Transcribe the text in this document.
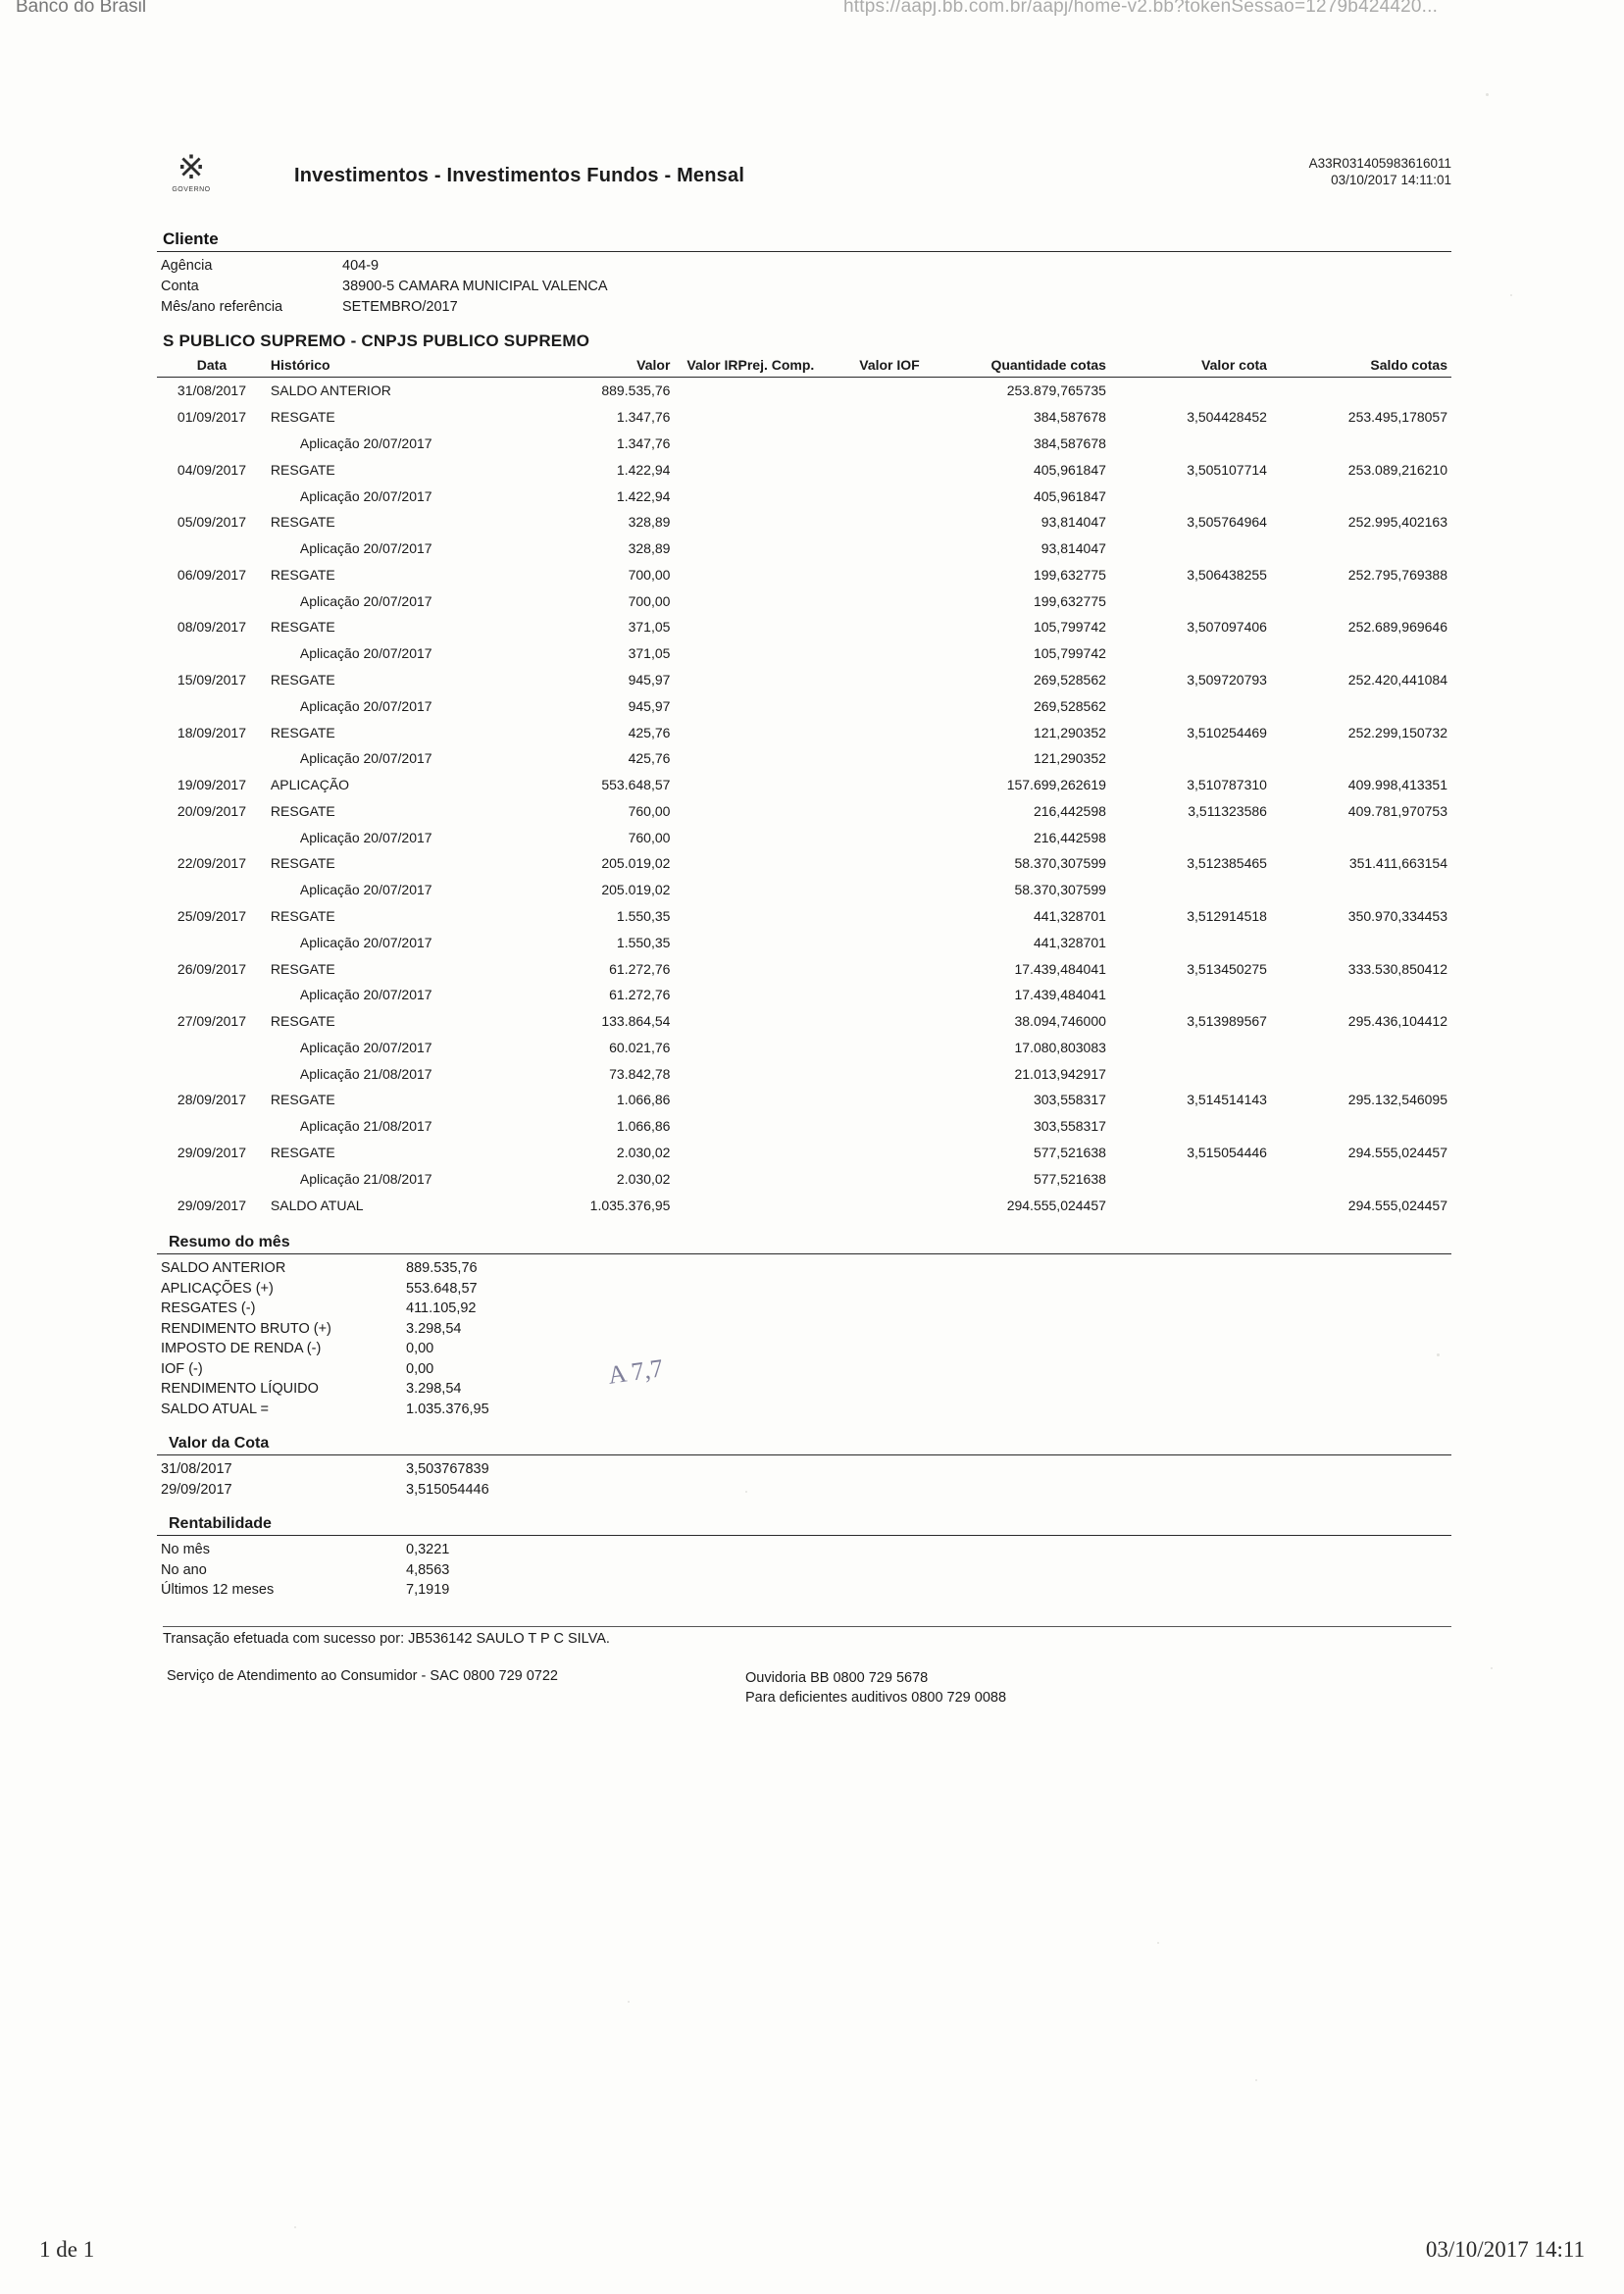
Banco do Brasil	https://aapj.bb.com.br/aapj/home-v2.bb?tokenSessao=1279b424420...
※
GOVERNO
Investimentos - Investimentos Fundos - Mensal
A33R031405983616011
03/10/2017 14:11:01
Cliente
Agência	404-9
Conta	38900-5 CAMARA MUNICIPAL VALENCA
Mês/ano referência	SETEMBRO/2017
S PUBLICO SUPREMO - CNPJS PUBLICO SUPREMO
Data	Histórico	Valor	Valor IRPrej. Comp.	Valor IOF	Quantidade cotas	Valor cota	Saldo cotas
31/08/2017	SALDO ANTERIOR	889.535,76			253.879,765735		
01/09/2017	RESGATE	1.347,76			384,587678	3,504428452	253.495,178057
	Aplicação 20/07/2017	1.347,76			384,587678		
04/09/2017	RESGATE	1.422,94			405,961847	3,505107714	253.089,216210
	Aplicação 20/07/2017	1.422,94			405,961847		
05/09/2017	RESGATE	328,89			93,814047	3,505764964	252.995,402163
	Aplicação 20/07/2017	328,89			93,814047		
06/09/2017	RESGATE	700,00			199,632775	3,506438255	252.795,769388
	Aplicação 20/07/2017	700,00			199,632775		
08/09/2017	RESGATE	371,05			105,799742	3,507097406	252.689,969646
	Aplicação 20/07/2017	371,05			105,799742		
15/09/2017	RESGATE	945,97			269,528562	3,509720793	252.420,441084
	Aplicação 20/07/2017	945,97			269,528562		
18/09/2017	RESGATE	425,76			121,290352	3,510254469	252.299,150732
	Aplicação 20/07/2017	425,76			121,290352		
19/09/2017	APLICAÇÃO	553.648,57			157.699,262619	3,510787310	409.998,413351
20/09/2017	RESGATE	760,00			216,442598	3,511323586	409.781,970753
	Aplicação 20/07/2017	760,00			216,442598		
22/09/2017	RESGATE	205.019,02			58.370,307599	3,512385465	351.411,663154
	Aplicação 20/07/2017	205.019,02			58.370,307599		
25/09/2017	RESGATE	1.550,35			441,328701	3,512914518	350.970,334453
	Aplicação 20/07/2017	1.550,35			441,328701		
26/09/2017	RESGATE	61.272,76			17.439,484041	3,513450275	333.530,850412
	Aplicação 20/07/2017	61.272,76			17.439,484041		
27/09/2017	RESGATE	133.864,54			38.094,746000	3,513989567	295.436,104412
	Aplicação 20/07/2017	60.021,76			17.080,803083		
	Aplicação 21/08/2017	73.842,78			21.013,942917		
28/09/2017	RESGATE	1.066,86			303,558317	3,514514143	295.132,546095
	Aplicação 21/08/2017	1.066,86			303,558317		
29/09/2017	RESGATE	2.030,02			577,521638	3,515054446	294.555,024457
	Aplicação 21/08/2017	2.030,02			577,521638		
29/09/2017	SALDO ATUAL	1.035.376,95			294.555,024457		294.555,024457
Resumo do mês
SALDO ANTERIOR	889.535,76
APLICAÇÕES (+)	553.648,57
RESGATES (-)	411.105,92
RENDIMENTO BRUTO (+)	3.298,54
IMPOSTO DE RENDA (-)	0,00
IOF (-)	0,00
RENDIMENTO LÍQUIDO	3.298,54
SALDO ATUAL =	1.035.376,95
Valor da Cota
31/08/2017	3,503767839
29/09/2017	3,515054446
Rentabilidade
No mês	0,3221
No ano	4,8563
Últimos 12 meses	7,1919
Transação efetuada com sucesso por: JB536142 SAULO T P C SILVA.
Serviço de Atendimento ao Consumidor - SAC 0800 729 0722	Ouvidoria BB 0800 729 5678
Para deficientes auditivos 0800 729 0088
A 7,7
1 de 1	03/10/2017 14:11
